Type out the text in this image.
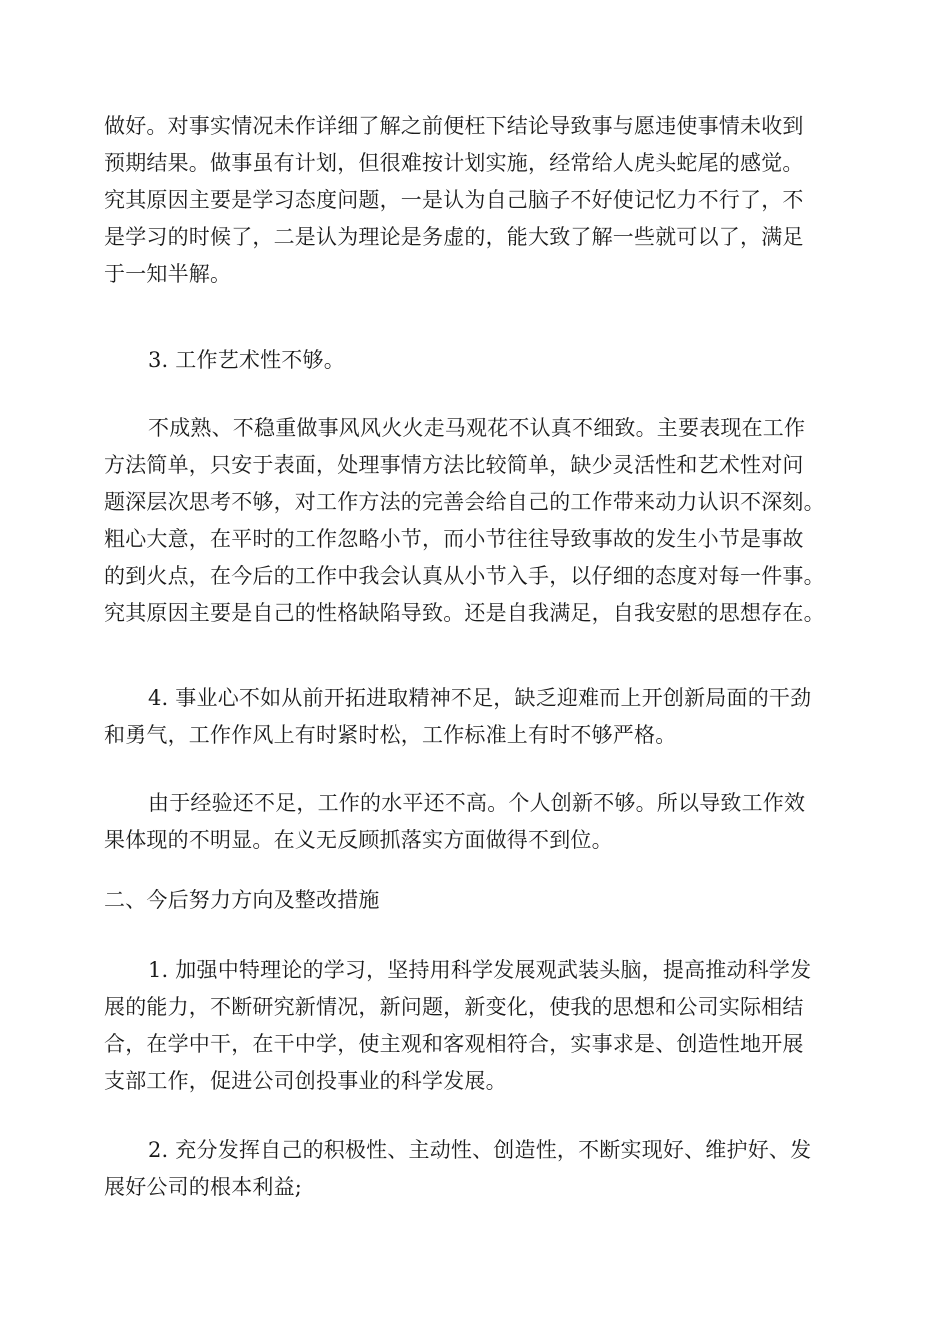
做好。对事实情况未作详细了解之前便枉下结论导致事与愿违使事情未收到
预期结果。做事虽有计划，但很难按计划实施，经常给人虎头蛇尾的感觉。
究其原因主要是学习态度问题，一是认为自己脑子不好使记忆力不行了，不
是学习的时候了，二是认为理论是务虚的，能大致了解一些就可以了，满足
于一知半解。
3. 工作艺术性不够。
不成熟、不稳重做事风风火火走马观花不认真不细致。主要表现在工作
方法简单，只安于表面，处理事情方法比较简单，缺少灵活性和艺术性对问
题深层次思考不够，对工作方法的完善会给自己的工作带来动力认识不深刻。
粗心大意，在平时的工作忽略小节，而小节往往导致事故的发生小节是事故
的到火点，在今后的工作中我会认真从小节入手，以仔细的态度对每一件事。
究其原因主要是自己的性格缺陷导致。还是自我满足，自我安慰的思想存在。
4. 事业心不如从前开拓进取精神不足，缺乏迎难而上开创新局面的干劲
和勇气，工作作风上有时紧时松，工作标准上有时不够严格。
由于经验还不足，工作的水平还不高。个人创新不够。所以导致工作效
果体现的不明显。在义无反顾抓落实方面做得不到位。
二、今后努力方向及整改措施
1. 加强中特理论的学习，坚持用科学发展观武装头脑，提高推动科学发
展的能力，不断研究新情况，新问题，新变化，使我的思想和公司实际相结
合，在学中干，在干中学，使主观和客观相符合，实事求是、创造性地开展
支部工作，促进公司创投事业的科学发展。
2. 充分发挥自己的积极性、主动性、创造性，不断实现好、维护好、发
展好公司的根本利益;
